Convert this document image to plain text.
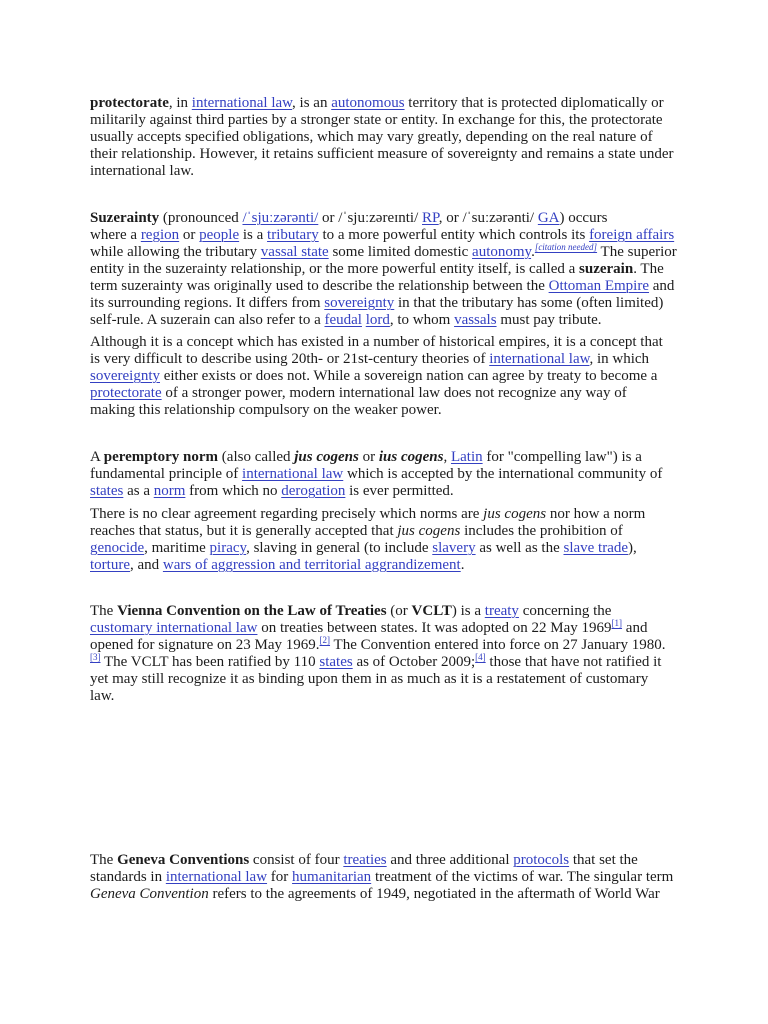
protectorate, in international law, is an autonomous territory that is protected diplomatically or
militarily against third parties by a stronger state or entity. In exchange for this, the protectorate
usually accepts specified obligations, which may vary greatly, depending on the real nature of
their relationship. However, it retains sufficient measure of sovereignty and remains a state under
international law.
Suzerainty (pronounced /ˈsjuːzərənti/ or /ˈsjuːzəreɪnti/ RP, or /ˈsuːzərənti/ GA) occurs
where a region or people is a tributary to a more powerful entity which controls its foreign affairs
while allowing the tributary vassal state some limited domestic autonomy.[citation needed] The superior
entity in the suzerainty relationship, or the more powerful entity itself, is called a suzerain. The
term suzerainty was originally used to describe the relationship between the Ottoman Empire and
its surrounding regions. It differs from sovereignty in that the tributary has some (often limited)
self-rule. A suzerain can also refer to a feudal lord, to whom vassals must pay tribute.
Although it is a concept which has existed in a number of historical empires, it is a concept that
is very difficult to describe using 20th- or 21st-century theories of international law, in which
sovereignty either exists or does not. While a sovereign nation can agree by treaty to become a
protectorate of a stronger power, modern international law does not recognize any way of
making this relationship compulsory on the weaker power.
A peremptory norm (also called jus cogens or ius cogens, Latin for "compelling law") is a
fundamental principle of international law which is accepted by the international community of
states as a norm from which no derogation is ever permitted.
There is no clear agreement regarding precisely which norms are jus cogens nor how a norm
reaches that status, but it is generally accepted that jus cogens includes the prohibition of
genocide, maritime piracy, slaving in general (to include slavery as well as the slave trade),
torture, and wars of aggression and territorial aggrandizement.
The Vienna Convention on the Law of Treaties (or VCLT) is a treaty concerning the
customary international law on treaties between states. It was adopted on 22 May 1969[1] and
opened for signature on 23 May 1969.[2] The Convention entered into force on 27 January 1980.
[3] The VCLT has been ratified by 110 states as of October 2009;[4] those that have not ratified it
yet may still recognize it as binding upon them in as much as it is a restatement of customary
law.
The Geneva Conventions consist of four treaties and three additional protocols that set the
standards in international law for humanitarian treatment of the victims of war. The singular term
Geneva Convention refers to the agreements of 1949, negotiated in the aftermath of World War
